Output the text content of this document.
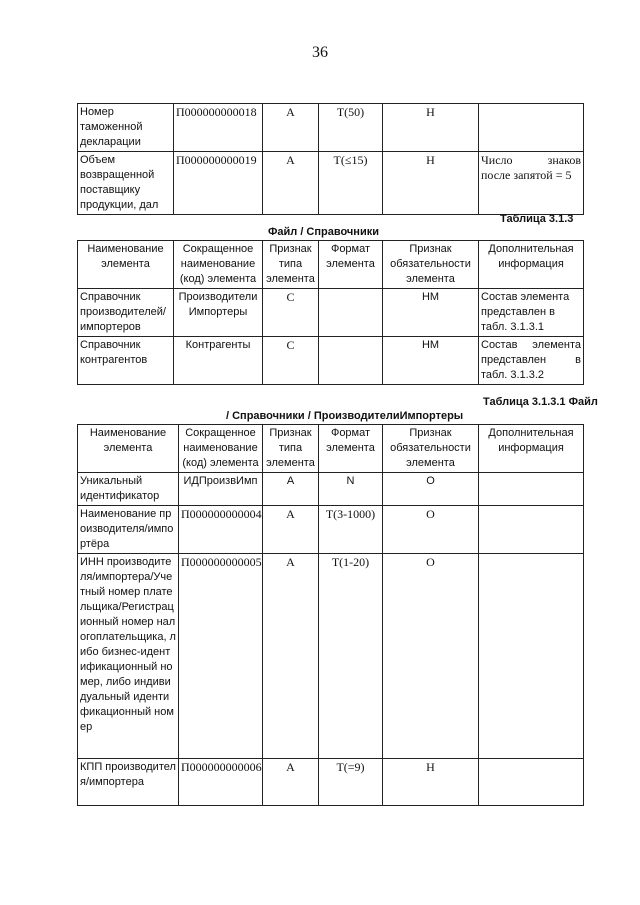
36
Номер таможенной декларации	П000000000018	А	Т(50)	Н	
Объем возвращенной поставщику продукции, дал	П000000000019	А	Т(≤15)	Н	Число знаков после запятой = 5
Таблица 3.1.3
Файл / Справочники
Наименование элемента	Сокращенное наименование (код) элемента	Признак типа элемента	Формат элемента	Признак обязательности элемента	Дополнительная информация
Справочник производителей/ импортеров	ПроизводителиИмпортеры	С		НМ	Состав элемента представлен в табл. 3.1.3.1
Справочник контрагентов	Контрагенты	С		НМ	Состав элемента представлен в табл. 3.1.3.2
Таблица 3.1.3.1 Файл
/ Справочники / ПроизводителиИмпортеры
Наименование элемента	Сокращенное наименование (код) элемента	Признак типа элемента	Формат элемента	Признак обязательности элемента	Дополнительная информация
Уникальный идентификатор	ИДПроизвИмп	А	N	О	
Наименование производителя/импортёра	П000000000004	А	Т(3-1000)	О	
ИНН производителя/импортера/Учетный номер плательщика/Регистрационный номер налогоплательщика, либо бизнес-идентификационный номер, либо индивидуальный идентификационный номер	П000000000005	А	Т(1-20)	О	
КПП производителя/импортера	П000000000006	А	Т(=9)	Н	
